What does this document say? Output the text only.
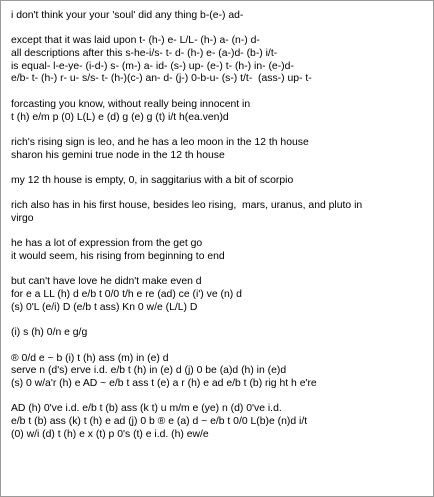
i don't think your your 'soul' did any thing b-(e-) ad-

except that it was laid upon t- (h-) e- L/L- (h-) a- (n-) d-
all descriptions after this s-he-i/s- t- d- (h-) e- (a-)d- (b-) i/t-
is equal- l-e-ye- (i-d-) s- (m-) a- id- (s-) up- (e-) t- (h-) in- (e-)d-
e/b- t- (h-) r- u- s/s- t- (h-)(c-) an- d- (j-) 0-b-u- (s-) t/t-  (ass-) up- t-

forcasting you know, without really being innocent in
t (h) e/m p (0) L(L) e (d) g (e) g (t) i/t h(ea.ven)d

rich's rising sign is leo, and he has a leo moon in the 12 th house
sharon his gemini true node in the 12 th house

my 12 th house is empty, 0, in saggitarius with a bit of scorpio

rich also has in his first house, besides leo rising,  mars, uranus, and pluto in
virgo

he has a lot of expression from the get go
it would seem, his rising from beginning to end

but can't have love he didn't make even d
for e a LL (h) d e/b t 0/0 t/h e re (ad) ce (i') ve (n) d
(s) 0'L (e/i) D (e/b t ass) Kn 0 w/e (L/L) D

(i) s (h) 0/n e g/g

® 0/d e ~ b (i) t (h) ass (m) in (e) d
serve n (d's) erve i.d. e/b t (h) in (e) d (j) 0 be (a)d (h) in (e)d
(s) 0 w/a'r (h) e AD ~ e/b t ass t (e) a r (h) e ad e/b t (b) rig ht h e're

AD (h) 0've i.d. e/b t (b) ass (k t) u m/m e (ye) n (d) 0've i.d.
e/b t (b) ass (k) t (h) e ad (j) 0 b ® e (a) d ~ e/b t 0/0 L(b)e (n)d i/t
(0) w/i (d) t (h) e x (t) p 0's (t) e i.d. (h) ew/e
